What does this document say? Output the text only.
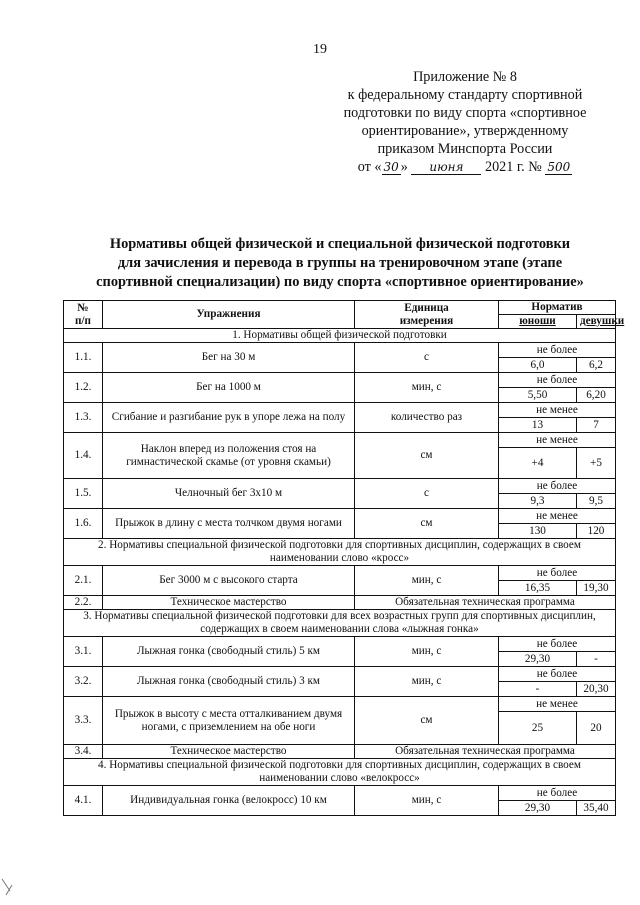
19
Приложение № 8
к федеральному стандарту спортивной
подготовки по виду спорта «спортивное
ориентирование», утвержденному
приказом Минспорта России
от « 30 » июня 2021 г. № 500
Нормативы общей физической и специальной физической подготовки
для зачисления и перевода в группы на тренировочном этапе (этапе
спортивной специализации) по виду спорта «спортивное ориентирование»
№
п/п	Упражнения	Единица
измерения	Норматив	
			юноши	девушки
1. Нормативы общей физической подготовки				
1.1.	Бег на 30 м	с	не более	
			6,0	6,2
1.2.	Бег на 1000 м	мин, с	не более	
			5,50	6,20
1.3.	Сгибание и разгибание рук в упоре лежа на полу	количество раз	не менее	
			13	7
1.4.	Наклон вперед из положения стоя на гимнастической скамье (от уровня скамьи)	см	не менее	
			+4	+5
1.5.	Челночный бег 3х10 м	с	не более	
			9,3	9,5
1.6.	Прыжок в длину с места толчком двумя ногами	см	не менее	
			130	120
2. Нормативы специальной физической подготовки для спортивных дисциплин, содержащих в своем наименовании слово «кросс»				
2.1.	Бег 3000 м с высокого старта	мин, с	не более	
			16,35	19,30
2.2.	Техническое мастерство	Обязательная техническая программа		
3. Нормативы специальной физической подготовки для всех возрастных групп для спортивных дисциплин, содержащих в своем наименовании слова «лыжная гонка»				
3.1.	Лыжная гонка (свободный стиль) 5 км	мин, с	не более	
			29,30	-
3.2.	Лыжная гонка (свободный стиль) 3 км	мин, с	не более	
			-	20,30
3.3.	Прыжок в высоту с места отталкиванием двумя ногами, с приземлением на обе ноги	см	не менее	
			25	20
3.4.	Техническое мастерство	Обязательная техническая программа		
4. Нормативы специальной физической подготовки для спортивных дисциплин, содержащих в своем наименовании слово «велокросс»				
4.1.	Индивидуальная гонка (велокросс) 10 км	мин, с	не более	
			29,30	35,40
